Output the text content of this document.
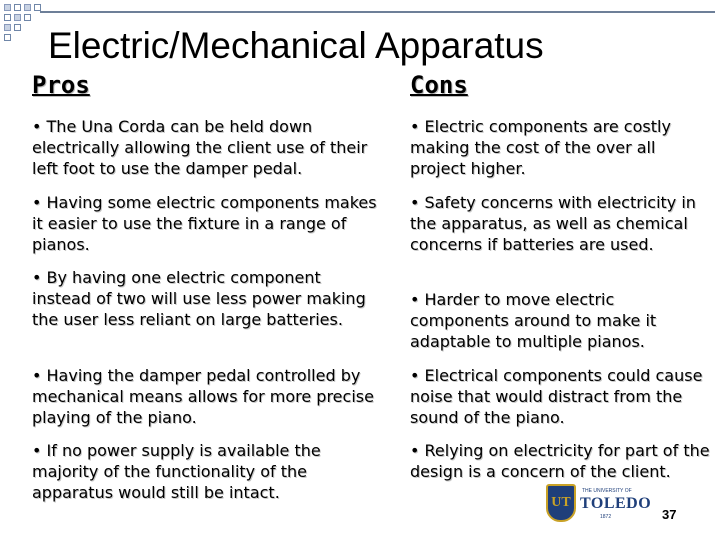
Electric/Mechanical Apparatus
Pros	Cons
• The Una Corda can be held down electrically allowing the client use of their left foot to use the damper pedal.
• Having some electric components makes it easier to use the fixture in a range of pianos.
• By having one electric component instead of two will use less power making the user less reliant on large batteries.
• Having the damper pedal controlled by mechanical means allows for more precise playing of the piano.
• If no power supply is available the majority of the functionality of the apparatus would still be intact.
• Electric components are costly making the cost of the over all project higher.
• Safety concerns with electricity in the apparatus, as well as chemical concerns if batteries are used.
• Harder to move electric components around to make it adaptable to multiple pianos.
• Electrical components could cause noise that would distract from the sound of the piano.
• Relying on electricity for part of the design is a concern of the client.
UT
THE UNIVERSITY OF
TOLEDO
1872	37
